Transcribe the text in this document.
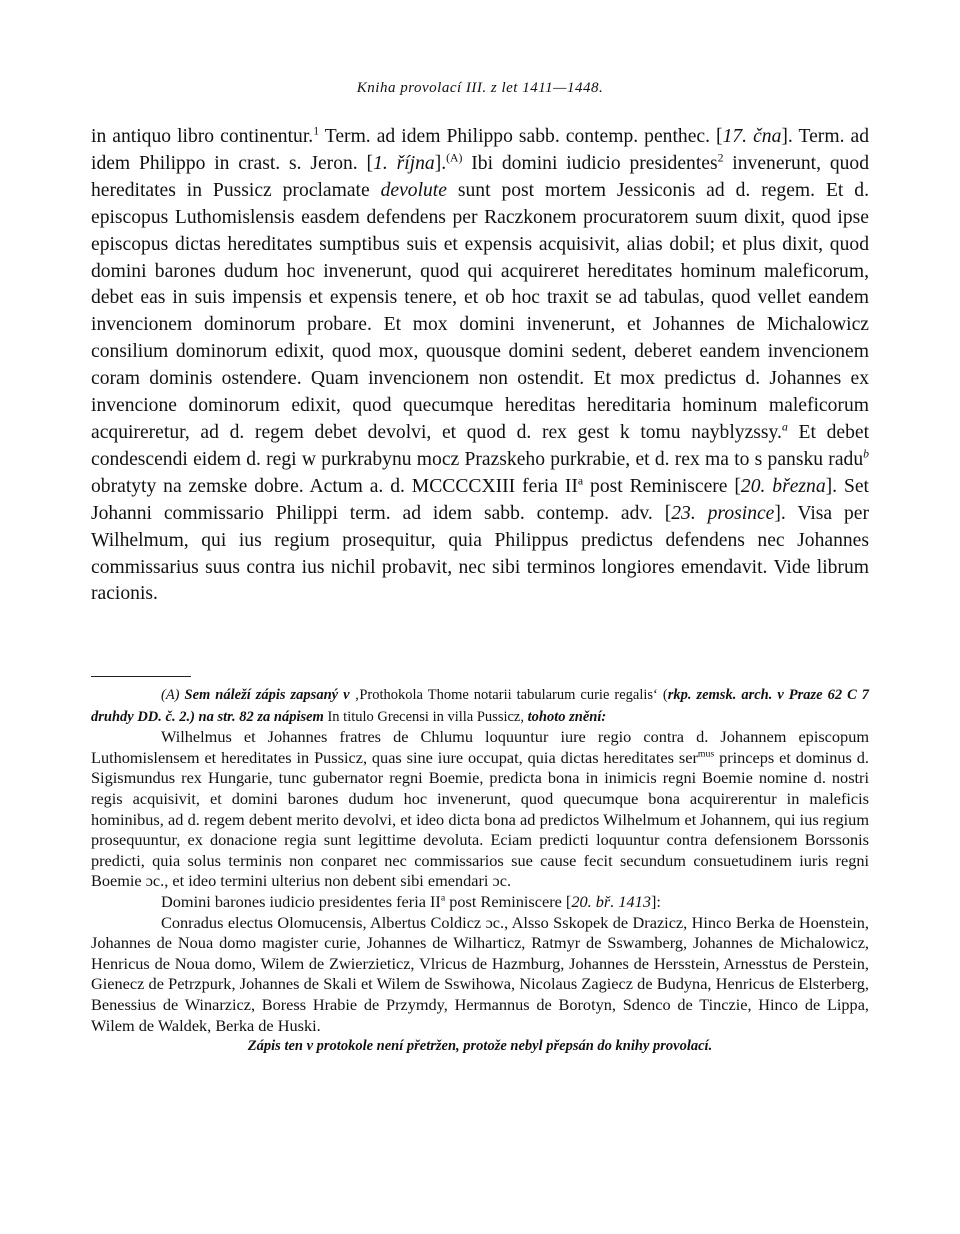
Kniha provolací III. z let 1411—1448.

in antiquo libro continentur.$^1$ Term. ad idem Philippo sabb. contemp. penthec. [17. čna]. Term. ad idem Philippo in crast. s. Jeron. [1. října].$^{(A)}$ Ibi domini iudicio presidentes$^2$ invenerunt, quod hereditates in Pussicz proclamate devolute sunt post mortem Jessiconis ad d. regem. Et d. episcopus Luthomislensis easdem defendens per Raczkonem procuratorem suum dixit, quod ipse episcopus dictas hereditates sumptibus suis et expensis acquisivit, alias dobil; et plus dixit, quod domini barones dudum hoc invenerunt, quod qui acquireret hereditates hominum maleficorum, debet eas in suis impensis et expensis tenere, et ob hoc traxit se ad tabulas, quod vellet eandem invencionem dominorum probare. Et mox domini invenerunt, et Johannes de Michalowicz consilium dominorum edixit, quod mox, quousque domini sedent, deberet eandem invencionem coram dominis ostendere. Quam invencionem non ostendit. Et mox predictus d. Johannes ex invencione dominorum edixit, quod quecumque hereditas hereditaria hominum maleficorum acquireretur, ad d. regem debet devolvi, et quod d. rex gest k tomu nayblyzssy.$^a$ Et debet condescendi eidem d. regi w purkrabynu mocz Prazskeho purkrabie, et d. rex ma to s pansku radu$^b$ obratyty na zemske dobre. Actum a. d. MCCCCXIII feria $II^a$ post Reminiscere [20. března]. Set Johanni commissario Philippi term. ad idem sabb. contemp. adv. [23. prosince]. Visa per Wilhelmum, qui ius regium prosequitur, quia Philippus predictus defendens nec Johannes commissarius suus contra ius nichil probavit, nec sibi terminos longiores emendavit. Vide librum racionis.

(A) Sem náleží zápis zapsaný v ‚Prothokola Thome notarii tabularum curie regalis‘ (rkp. zemsk. arch. v Praze 62 C 7 druhdy DD. č. 2.) na str. 82 za nápisem In titulo Grecensi in villa Pussicz, tohoto znění:

Wilhelmus et Johannes fratres de Chlumu loquuntur iure regio contra d. Johannem episcopum Luthomislensem et hereditates in Pussicz, quas sine iure occupat, quia dictas hereditates ser$^{mus}$ princeps et dominus d. Sigismundus rex Hungarie, tunc gubernator regni Boemie, predicta bona in inimicis regni Boemie nomine d. nostri regis acquisivit, et domini barones dudum hoc invenerunt, quod quecumque bona acquirerentur in maleficis hominibus, ad d. regem debent merito devolvi, et ideo dicta bona ad predictos Wilhelmum et Johannem, qui ius regium prosequuntur, ex donacione regia sunt legittime devoluta. Eciam predicti loquuntur contra defensionem Borssonis predicti, quia solus terminis non conparet nec commissarios sue cause fecit secundum consuetudinem iuris regni Boemie ɔc., et ideo termini ulterius non debent sibi emendari ɔc.

Domini barones iudicio presidentes feria $II^a$ post Reminiscere [20. bř. 1413]:

Conradus electus Olomucensis, Albertus Coldicz ɔc., Alsso Sskopek de Drazicz, Hinco Berka de Hoenstein, Johannes de Noua domo magister curie, Johannes de Wilharticz, Ratmyr de Sswamberg, Johannes de Michalowicz, Henricus de Noua domo, Wilem de Zwierzieticz, Vlricus de Hazmburg, Johannes de Hersstein, Arnesstus de Perstein, Gienecz de Petrzpurk, Johannes de Skali et Wilem de Sswihowa, Nicolaus Zagiecz de Budyna, Henricus de Elsterberg, Benessius de Winarzicz, Boress Hrabie de Przymdy, Hermannus de Borotyn, Sdenco de Tinczie, Hinco de Lippa, Wilem de Waldek, Berka de Huski.

Zápis ten v protokole není přetržen, protože nebyl přepsán do knihy provolací.
